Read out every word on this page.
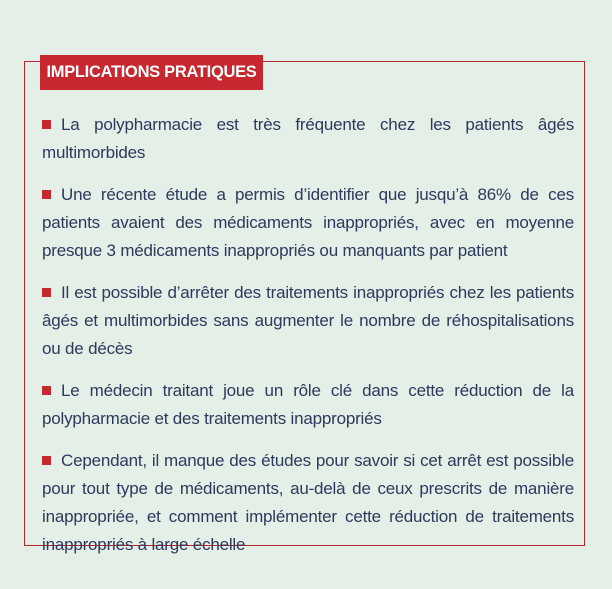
IMPLICATIONS PRATIQUES
La polypharmacie est très fréquente chez les patients âgés multimorbides
Une récente étude a permis d’identifier que jusqu’à 86% de ces patients avaient des médicaments inappropriés, avec en moyenne presque 3 médicaments inappropriés ou manquants par patient
Il est possible d’arrêter des traitements inappropriés chez les patients âgés et multimorbides sans augmenter le nombre de réhospitalisations ou de décès
Le médecin traitant joue un rôle clé dans cette réduction de la polypharmacie et des traitements inappropriés
Cependant, il manque des études pour savoir si cet arrêt est possible pour tout type de médicaments, au-delà de ceux prescrits de manière inappropriée, et comment implémenter cette réduction de traitements inappropriés à large échelle
